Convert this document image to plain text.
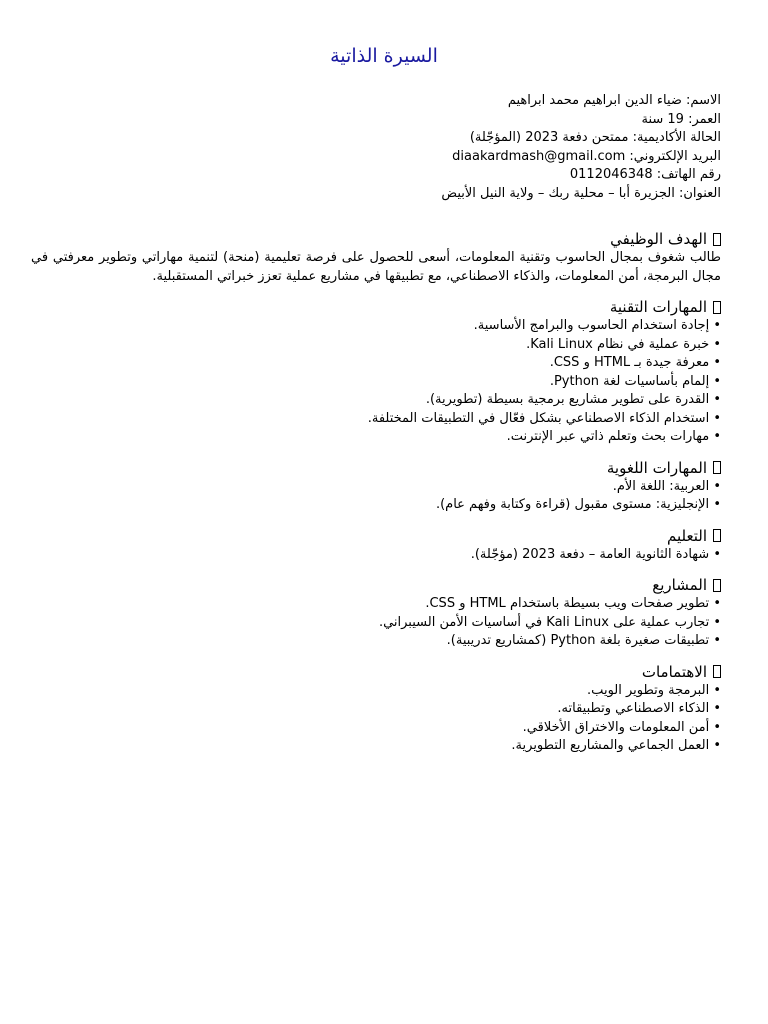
السيرة الذاتية
الاسم: ضياء الدين ابراهيم محمد ابراهيم
العمر: 19 سنة
الحالة الأكاديمية: ممتحن دفعة 2023 (المؤجّلة)
البريد الإلكتروني: diaakardmash@gmail.com
رقم الهاتف: 0112046348
العنوان: الجزيرة أبا – محلية ربك – ولاية النيل الأبيض
الهدف الوظيفي
طالب شغوف بمجال الحاسوب وتقنية المعلومات، أسعى للحصول على فرصة تعليمية (منحة) لتنمية مهاراتي وتطوير معرفتي في مجال البرمجة، أمن المعلومات، والذكاء الاصطناعي، مع تطبيقها في مشاريع عملية تعزز خبراتي المستقبلية.
المهارات التقنية
• إجادة استخدام الحاسوب والبرامج الأساسية.
• خبرة عملية في نظام Kali Linux.
• معرفة جيدة بـ HTML و CSS.
• إلمام بأساسيات لغة Python.
• القدرة على تطوير مشاريع برمجية بسيطة (تطويرية).
• استخدام الذكاء الاصطناعي بشكل فعّال في التطبيقات المختلفة.
• مهارات بحث وتعلم ذاتي عبر الإنترنت.
المهارات اللغوية
• العربية: اللغة الأم.
• الإنجليزية: مستوى مقبول (قراءة وكتابة وفهم عام).
التعليم
• شهادة الثانوية العامة – دفعة 2023 (مؤجّلة).
المشاريع
• تطوير صفحات ويب بسيطة باستخدام HTML و CSS.
• تجارب عملية على Kali Linux في أساسيات الأمن السيبراني.
• تطبيقات صغيرة بلغة Python (كمشاريع تدريبية).
الاهتمامات
• البرمجة وتطوير الويب.
• الذكاء الاصطناعي وتطبيقاته.
• أمن المعلومات والاختراق الأخلاقي.
• العمل الجماعي والمشاريع التطويرية.
